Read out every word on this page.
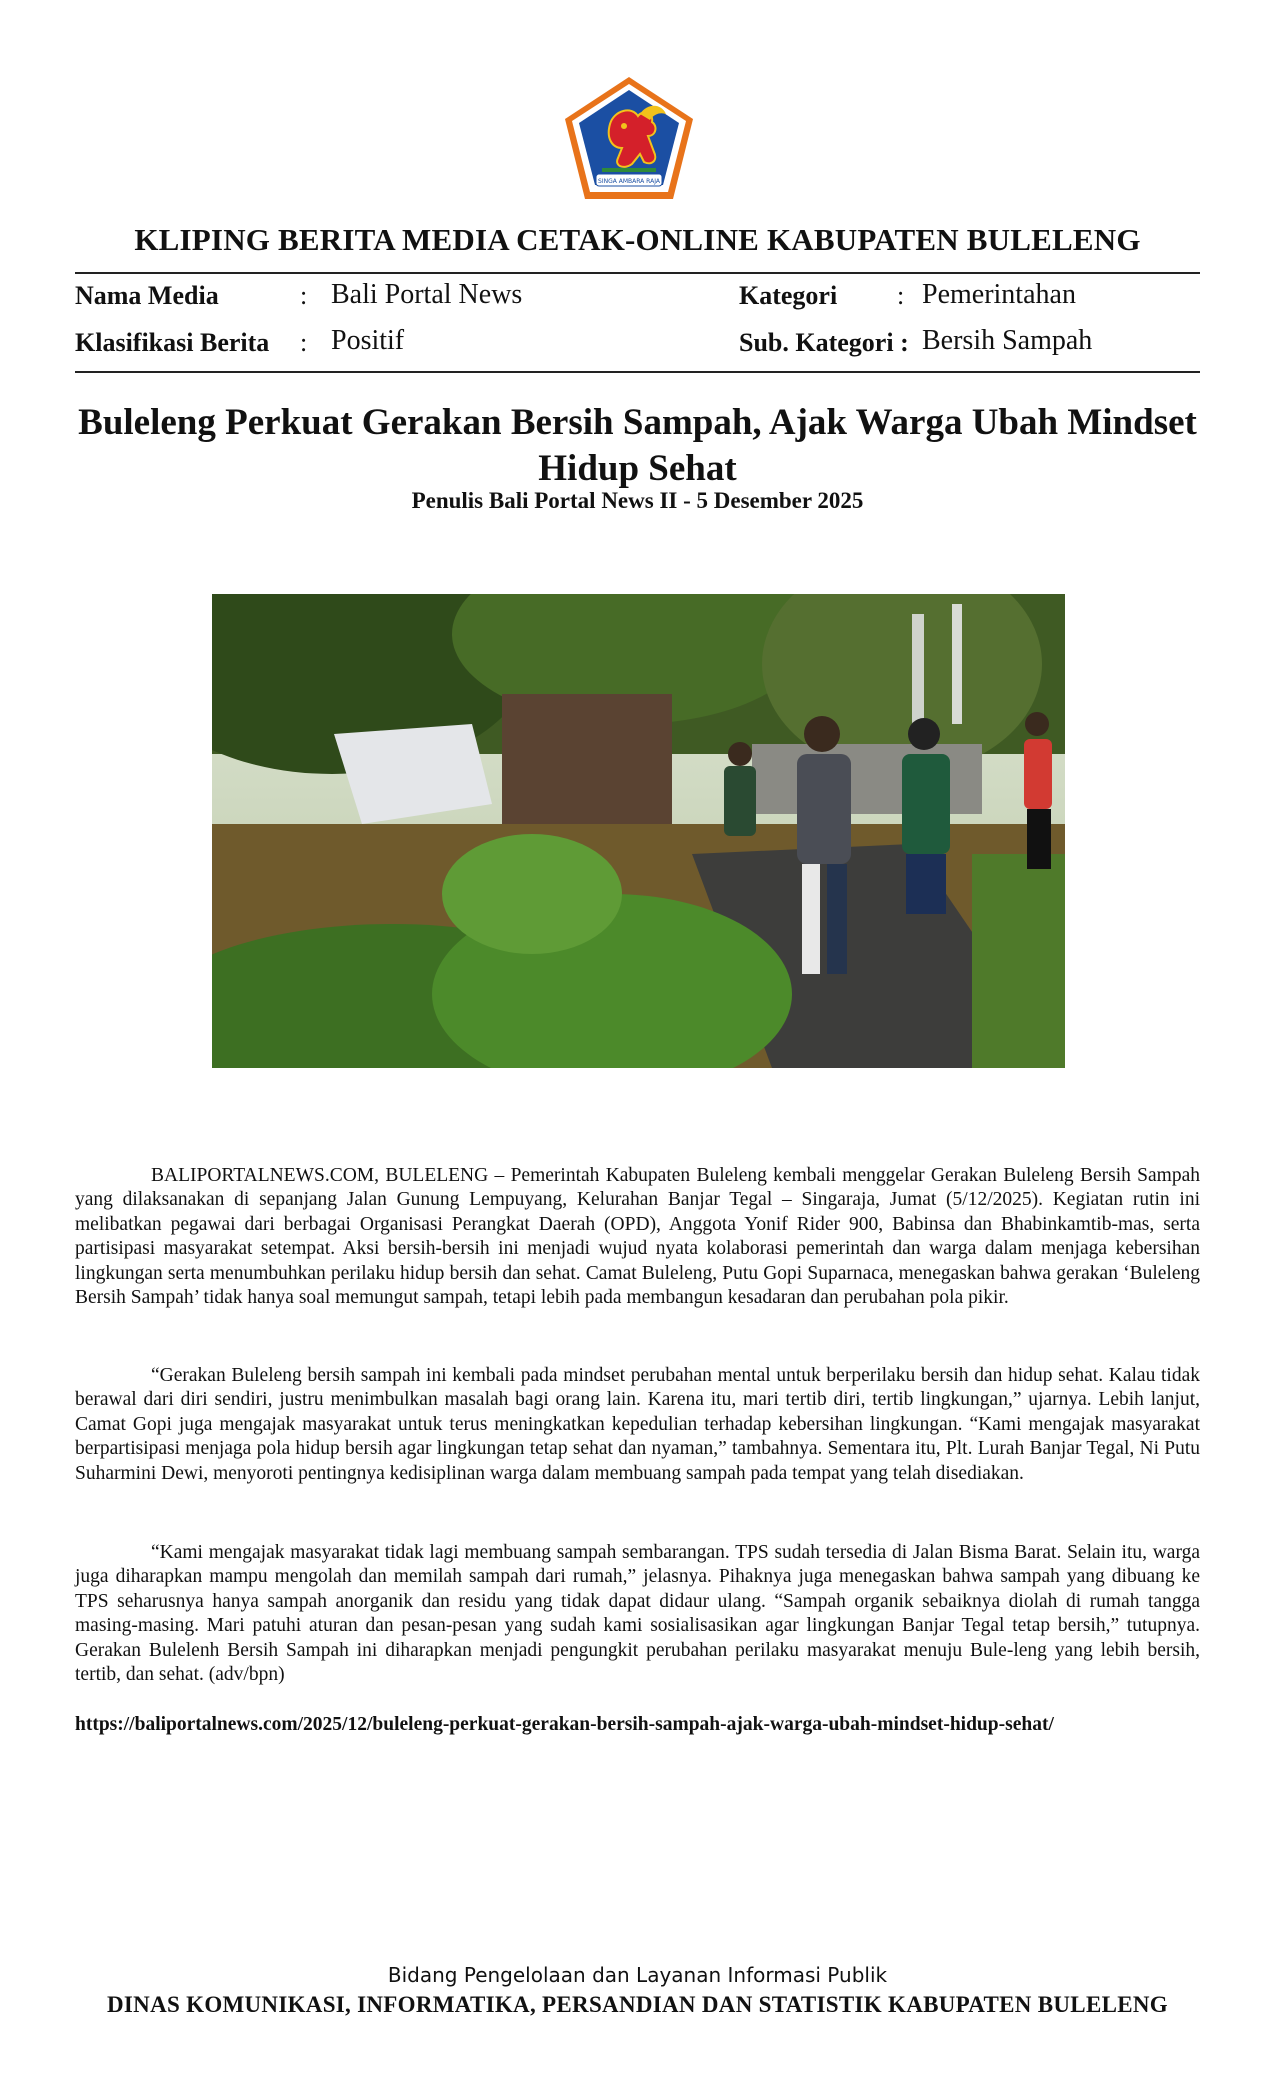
SINGA AMBARA RAJA
KLIPING BERITA MEDIA CETAK-ONLINE KABUPATEN BULELENG
Nama Media	: Bali Portal News	Kategori : Pemerintahan
Klasifikasi Berita : Positif	Sub. Kategori : Bersih Sampah
Buleleng Perkuat Gerakan Bersih Sampah, Ajak Warga Ubah Mindset Hidup Sehat
Penulis Bali Portal News II - 5 Desember 2025

BALIPORTALNEWS.COM, BULELENG – Pemerintah Kabupaten Buleleng kembali menggelar Gerakan Buleleng Bersih Sampah yang dilaksanakan di sepanjang Jalan Gunung Lempuyang, Kelurahan Banjar Tegal – Singaraja, Jumat (5/12/2025). Kegiatan rutin ini melibatkan pegawai dari berbagai Organisasi Perangkat Daerah (OPD), Anggota Yonif Rider 900, Babinsa dan Bhabinkamtib-mas, serta partisipasi masyarakat setempat. Aksi bersih-bersih ini menjadi wujud nyata kolaborasi pemerintah dan warga dalam menjaga kebersihan lingkungan serta menumbuhkan perilaku hidup bersih dan sehat. Camat Buleleng, Putu Gopi Suparnaca, menegaskan bahwa gerakan ‘Buleleng Bersih Sampah’ tidak hanya soal memungut sampah, tetapi lebih pada membangun kesadaran dan perubahan pola pikir.

“Gerakan Buleleng bersih sampah ini kembali pada mindset perubahan mental untuk berperilaku bersih dan hidup sehat. Kalau tidak berawal dari diri sendiri, justru menimbulkan masalah bagi orang lain. Karena itu, mari tertib diri, tertib lingkungan,” ujarnya. Lebih lanjut, Camat Gopi juga mengajak masyarakat untuk terus meningkatkan kepedulian terhadap kebersihan lingkungan. “Kami mengajak masyarakat berpartisipasi menjaga pola hidup bersih agar lingkungan tetap sehat dan nyaman,” tambahnya. Sementara itu, Plt. Lurah Banjar Tegal, Ni Putu Suharmini Dewi, menyoroti pentingnya kedisiplinan warga dalam membuang sampah pada tempat yang telah disediakan.

“Kami mengajak masyarakat tidak lagi membuang sampah sembarangan. TPS sudah tersedia di Jalan Bisma Barat. Selain itu, warga juga diharapkan mampu mengolah dan memilah sampah dari rumah,” jelasnya. Pihaknya juga menegaskan bahwa sampah yang dibuang ke TPS seharusnya hanya sampah anorganik dan residu yang tidak dapat didaur ulang. “Sampah organik sebaiknya diolah di rumah tangga masing-masing. Mari patuhi aturan dan pesan-pesan yang sudah kami sosialisasikan agar lingkungan Banjar Tegal tetap bersih,” tutupnya. Gerakan Bulelenh Bersih Sampah ini diharapkan menjadi pengungkit perubahan perilaku masyarakat menuju Bule-leng yang lebih bersih, tertib, dan sehat. (adv/bpn)

https://baliportalnews.com/2025/12/buleleng-perkuat-gerakan-bersih-sampah-ajak-warga-ubah-mindset-hidup-sehat/
Bidang Pengelolaan dan Layanan Informasi Publik
DINAS KOMUNIKASI, INFORMATIKA, PERSANDIAN DAN STATISTIK KABUPATEN BULELENG
